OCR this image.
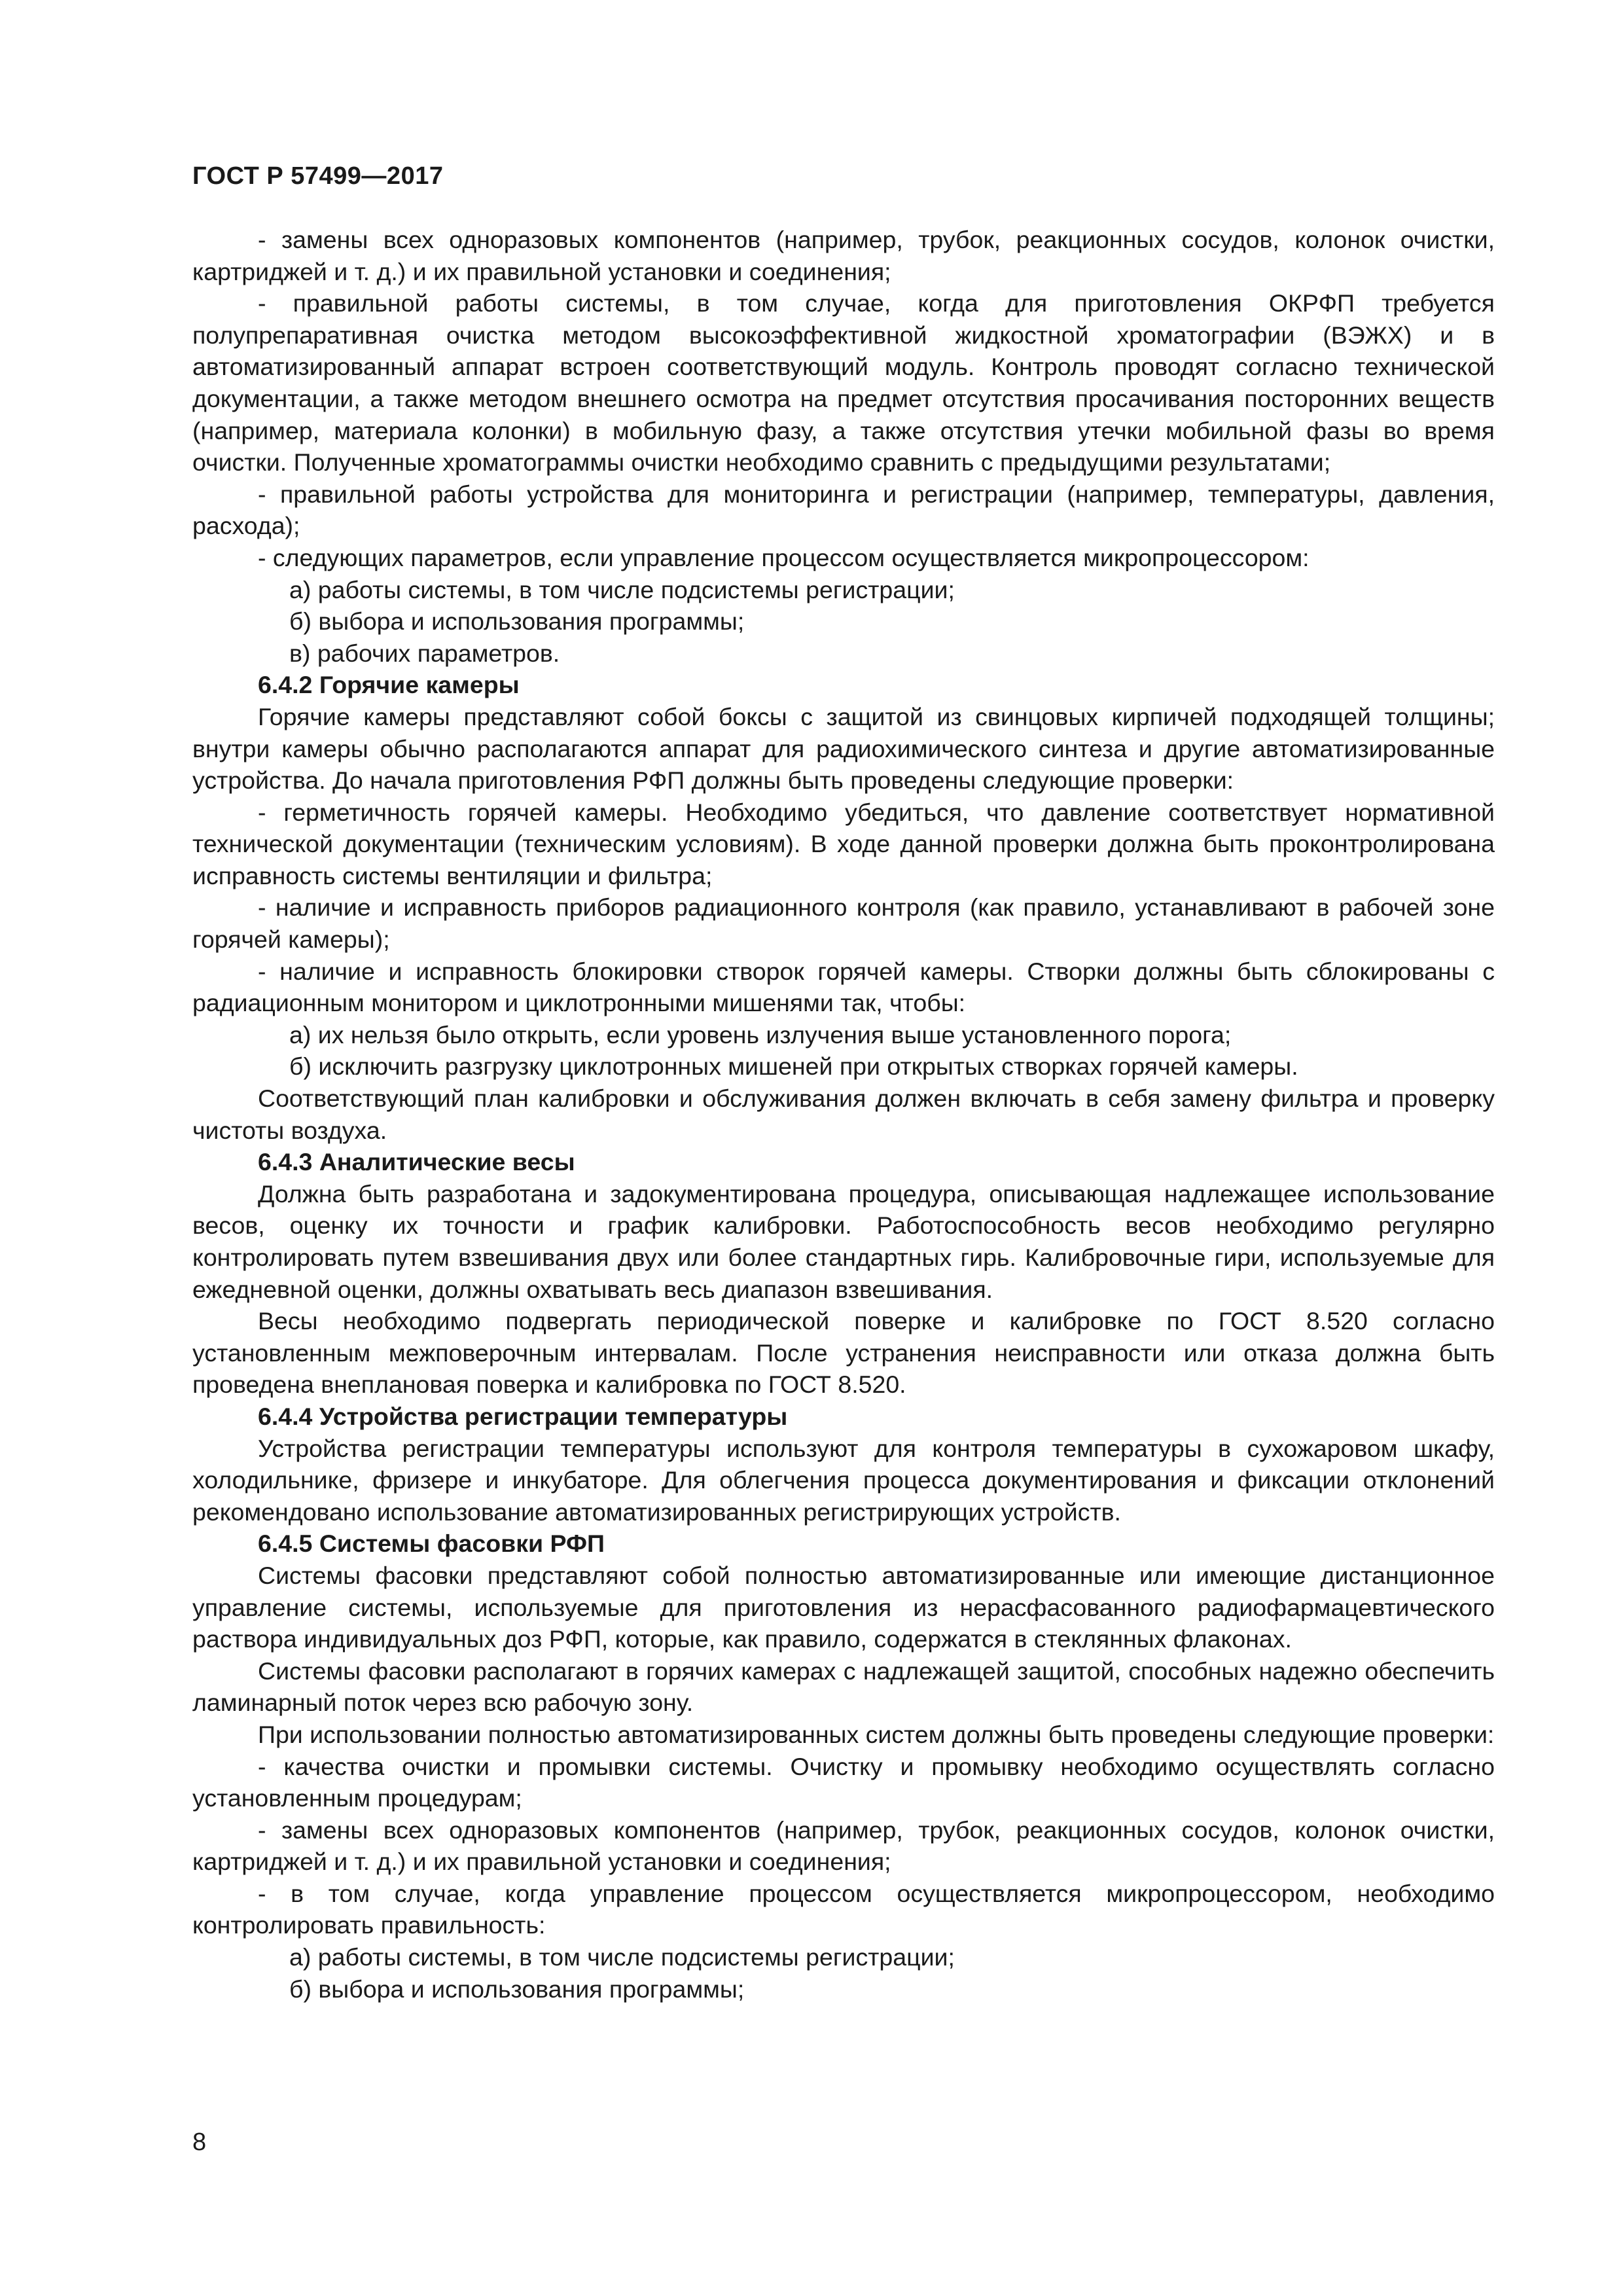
ГОСТ Р 57499—2017

- замены всех одноразовых компонентов (например, трубок, реакционных сосудов, колонок очистки, картриджей и т. д.) и их правильной установки и соединения;

- правильной работы системы, в том случае, когда для приготовления ОКРФП требуется полупрепаративная очистка методом высокоэффективной жидкостной хроматографии (ВЭЖХ) и в автоматизированный аппарат встроен соответствующий модуль. Контроль проводят согласно технической документации, а также методом внешнего осмотра на предмет отсутствия просачивания посторонних веществ (например, материала колонки) в мобильную фазу, а также отсутствия утечки мобильной фазы во время очистки. Полученные хроматограммы очистки необходимо сравнить с предыдущими результатами;

- правильной работы устройства для мониторинга и регистрации (например, температуры, давления, расхода);

- следующих параметров, если управление процессом осуществляется микропроцессором:

а) работы системы, в том числе подсистемы регистрации;

б) выбора и использования программы;

в) рабочих параметров.

6.4.2 Горячие камеры

Горячие камеры представляют собой боксы с защитой из свинцовых кирпичей подходящей толщины; внутри камеры обычно располагаются аппарат для радиохимического синтеза и другие автоматизированные устройства. До начала приготовления РФП должны быть проведены следующие проверки:

- герметичность горячей камеры. Необходимо убедиться, что давление соответствует нормативной технической документации (техническим условиям). В ходе данной проверки должна быть проконтролирована исправность системы вентиляции и фильтра;

- наличие и исправность приборов радиационного контроля (как правило, устанавливают в рабочей зоне горячей камеры);

- наличие и исправность блокировки створок горячей камеры. Створки должны быть сблокированы с радиационным монитором и циклотронными мишенями так, чтобы:

а) их нельзя было открыть, если уровень излучения выше установленного порога;

б) исключить разгрузку циклотронных мишеней при открытых створках горячей камеры.

Соответствующий план калибровки и обслуживания должен включать в себя замену фильтра и проверку чистоты воздуха.

6.4.3 Аналитические весы

Должна быть разработана и задокументирована процедура, описывающая надлежащее использование весов, оценку их точности и график калибровки. Работоспособность весов необходимо регулярно контролировать путем взвешивания двух или более стандартных гирь. Калибровочные гири, используемые для ежедневной оценки, должны охватывать весь диапазон взвешивания.

Весы необходимо подвергать периодической поверке и калибровке по ГОСТ 8.520 согласно установленным межповерочным интервалам. После устранения неисправности или отказа должна быть проведена внеплановая поверка и калибровка по ГОСТ 8.520.

6.4.4 Устройства регистрации температуры

Устройства регистрации температуры используют для контроля температуры в сухожаровом шкафу, холодильнике, фризере и инкубаторе. Для облегчения процесса документирования и фиксации отклонений рекомендовано использование автоматизированных регистрирующих устройств.

6.4.5 Системы фасовки РФП

Системы фасовки представляют собой полностью автоматизированные или имеющие дистанционное управление системы, используемые для приготовления из нерасфасованного радиофармацевтического раствора индивидуальных доз РФП, которые, как правило, содержатся в стеклянных флаконах.

Системы фасовки располагают в горячих камерах с надлежащей защитой, способных надежно обеспечить ламинарный поток через всю рабочую зону.

При использовании полностью автоматизированных систем должны быть проведены следующие проверки:

- качества очистки и промывки системы. Очистку и промывку необходимо осуществлять согласно установленным процедурам;

- замены всех одноразовых компонентов (например, трубок, реакционных сосудов, колонок очистки, картриджей и т. д.) и их правильной установки и соединения;

- в том случае, когда управление процессом осуществляется микропроцессором, необходимо контролировать правильность:

а) работы системы, в том числе подсистемы регистрации;

б) выбора и использования программы;

8
